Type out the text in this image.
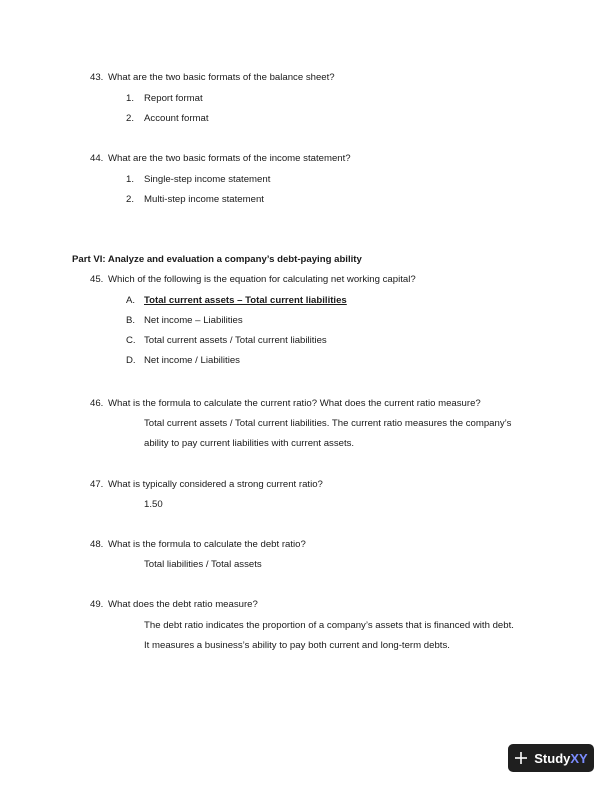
43. What are the two basic formats of the balance sheet?
1. Report format
2. Account format
44. What are the two basic formats of the income statement?
1. Single-step income statement
2. Multi-step income statement
Part VI: Analyze and evaluation a company’s debt-paying ability
45. Which of the following is the equation for calculating net working capital?
A. Total current assets – Total current liabilities
B. Net income – Liabilities
C. Total current assets / Total current liabilities
D. Net income / Liabilities
46. What is the formula to calculate the current ratio? What does the current ratio measure?
Total current assets / Total current liabilities. The current ratio measures the company’s
ability to pay current liabilities with current assets.
47. What is typically considered a strong current ratio?
1.50
48. What is the formula to calculate the debt ratio?
Total liabilities / Total assets
49. What does the debt ratio measure?
The debt ratio indicates the proportion of a company’s assets that is financed with debt.
It measures a business’s ability to pay both current and long-term debts.
Study XY
